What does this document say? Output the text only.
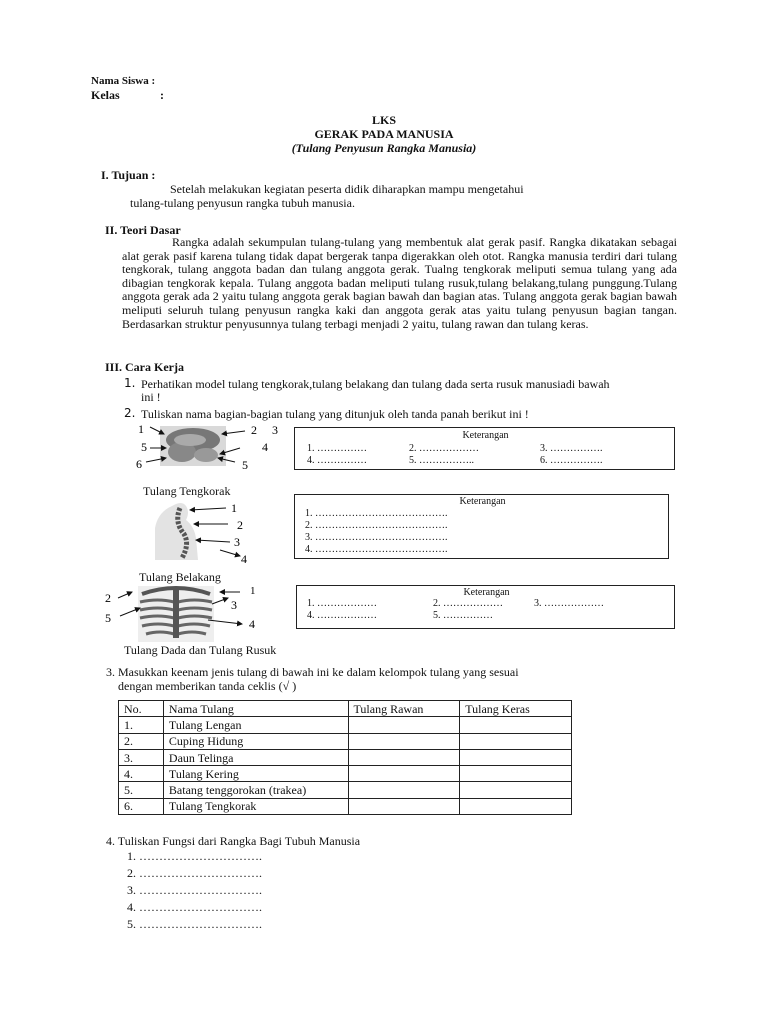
Nama Siswa :
Kelas	:
LKS
GERAK PADA MANUSIA
(Tulang Penyusun Rangka Manusia)
I. Tujuan :
Setelah melakukan kegiatan peserta didik diharapkan mampu mengetahui
tulang-tulang penyusun rangka tubuh manusia.
II. Teori Dasar
Rangka adalah sekumpulan tulang-tulang yang membentuk alat gerak pasif. Rangka dikatakan sebagai alat gerak pasif karena tulang tidak dapat bergerak tanpa digerakkan oleh otot. Rangka manusia terdiri dari tulang tengkorak, tulang anggota badan dan tulang anggota gerak. Tualng tengkorak meliputi semua tulang yang ada dibagian tengkorak kepala. Tulang anggota badan meliputi tulang rusuk,tulang belakang,tulang punggung.Tulang anggota gerak ada 2 yaitu tulang anggota gerak bagian bawah dan bagian atas. Tulang anggota gerak bagian bawah meliputi seluruh tulang penyusun rangka kaki dan anggota gerak atas yaitu tulang penyusun bagian tangan. Berdasarkan struktur penyusunnya tulang terbagi menjadi 2 yaitu, tulang rawan dan tulang keras.
III. Cara Kerja
1. Perhatikan model tulang tengkorak,tulang belakang dan tulang dada serta rusuk manusiadi bawah
ini !
2. Tuliskan nama bagian-bagian tulang yang ditunjuk oleh tanda panah berikut ini !
1	2 3
4
5
5
6
Keterangan
1. ……………	2. ………………	3. …………….
4. ……………	5. ……………..	6. …………….
Tulang Tengkorak
1
2
3
4
Keterangan
1. ………………………………….
2. ………………………………….
3. ………………………………….
4. ………………………………….
Tulang Belakang
1
2	3
4
5
Keterangan
1. ………………	2. ………………	3. ………………
4. ………………	5. ……………
Tulang Dada dan Tulang Rusuk
3. Masukkan keenam jenis tulang di bawah ini ke dalam kelompok tulang yang sesuai
dengan memberikan tanda ceklis (√ )
No.	Nama Tulang	Tulang Rawan	Tulang Keras
1.	Tulang Lengan		
2.	Cuping Hidung		
3.	Daun Telinga		
4.	Tulang Kering		
5.	Batang tenggorokan (trakea)		
6.	Tulang Tengkorak		
4. Tuliskan Fungsi dari Rangka Bagi Tubuh Manusia
1. ………………………….
2. ………………………….
3. ………………………….
4. ………………………….
5. ………………………….
